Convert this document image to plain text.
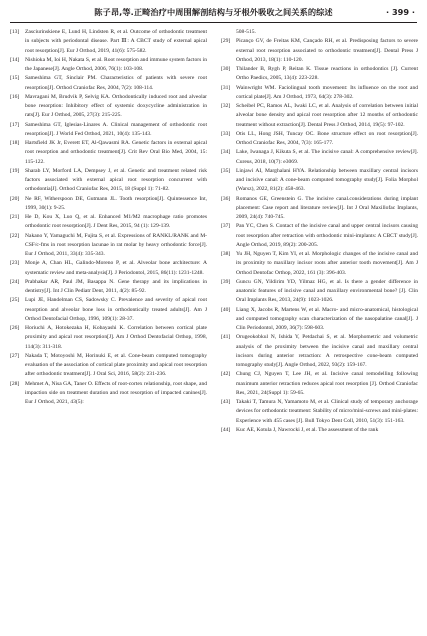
陈子昂,等.正畸治疗中周围解剖结构与牙根外吸收之间关系的综述	· 399 ·

[13] Zasciurinskiene E, Lund H, Lindsten R, et al. Outcome of orthodontic treatment in subjects with periodontal disease. Part Ⅲ: A CBCT study of external apical root resorption[J]. Eur J Orthod, 2019, 41(6): 575-582.

[14] Nishioka M, Ioi H, Nakata S, et al. Root resorption and immune system factors in the Japanese[J]. Angle Orthod, 2006, 76(1): 103-108.

[15] Sameshima GT, Sinclair PM. Characteristics of patients with severe root resorption[J]. Orthod Craniofac Res, 2004, 7(2): 108-114.

[16] Mavragani M, Brudvik P, Selvig KA. Orthodontically induced root and alveolar bone resorption: Inhibitory effect of systemic doxycycline administration in rats[J]. Eur J Orthod, 2005, 27(3): 215-225.

[17] Sameshima GT, Iglesias-Linares A. Clinical management of orthodontic root resorption[J]. J World Fed Orthod, 2021, 10(4): 135-143.

[18] Hartsfield JK Jr, Everett ET, Al-Qawasmi RA. Genetic factors in external apical root resorption and orthodontic treatment[J]. Crit Rev Oral Bio Med, 2004, 15: 115-122.

[19] Sharab LY, Morford LA, Dempsey J, et al. Genetic and treatment related risk factors associated with external apical root resorption concurrent with orthodontia[J]. Orthod Craniofac Res, 2015, 18 (Suppl 1): 71-82.

[20] Ne RF, Witherspoon DE, Gutmann JL. Tooth resorption[J]. Quintessence Int, 1999, 30(1): 9-25.

[21] He D, Kou X, Luo Q, et al. Enhanced M1/M2 macrophage ratio promotes orthodontic root resorption[J]. J Dent Res, 2015, 94 (1): 129-139.

[22] Nakano Y, Yamaguchi M, Fujita S, et al. Expressions of RANKL/RANK and M-CSF/c-fms in root resorption lacunae in rat molar by heavy orthodontic force[J]. Eur J Orthod, 2011, 33(4): 335-343.

[23] Monje A, Chan HL, Galindo-Moreno P, et al. Alveolar bone architecture: A systematic review and meta-analysis[J]. J Periodontol, 2015, 86(11): 1231-1248.

[24] Prabhakar AR, Paul JM, Basappa N. Gene therapy and its implications in dentistry[J]. Int J Clin Pediatr Dent, 2011, 4(2): 85-92.

[25] Lupi JE, Handelman CS, Sadowsky C. Prevalence and severity of apical root resorption and alveolar bone loss in orthodontically treated adults[J]. Am J Orthod Dentofacial Orthop, 1996, 109(1): 28-37.

[26] Horiuchi A, Hotokezaka H, Kobayashi K. Correlation between cortical plate proximity and apical root resorption[J]. Am J Orthod Dentofacial Orthop, 1998, 114(3): 311-318.

[27] Nakada T, Motoyoshi M, Horinuki E, et al. Cone-beam computed tomography evaluation of the association of cortical plate proximity and apical root resorption after orthodontic treatment[J]. J Oral Sci, 2016, 58(2): 231-236.

[28] Mehmet A, Nisa GA, Taner O. Effects of root-cortex relationship, root shape, and impaction side on treatment duration and root resorption of impacted canines[J]. Eur J Orthod, 2021, 43(5):

508-515.

[29] Picanço GV, de Freitas KM, Cançado RH, et al. Predisposing factors to severe external root resorption associated to orthodontic treatment[J]. Dental Press J Orthod, 2013, 18(1): 110-120.

[30] Thilander B, Rygh P, Reitan K. Tissue reactions in orthodontics [J]. Current Ortho Paedics, 2005, 13(4): 223-228.

[31] Wainwright WM. Faciolingual tooth movement: Its influence on the root and cortical plate[J]. Am J Orthod, 1973, 64(3): 278-302.

[32] Scheibel PC, Ramos AL, Iwaki LC, et al. Analysis of correlation between initial alveolar bone density and apical root resorption after 12 months of orthodontic treatment without extraction[J]. Dental Press J Orthod, 2014, 19(5): 97-102.

[33] Otis LL, Hong JSH, Tuncay OC. Bone structure effect on root resorption[J]. Orthod Craniofac Res, 2004, 7(3): 165-177.

[34] Lake, Iwanaga J, Kikuta S, et al. The incisive canal: A comprehensive review[J]. Cureus, 2018, 10(7): e3069.

[35] Linjawi AI, Marghalani HYA. Relationship between maxillary central incisors and incisive canal: A cone-beam computed tomography study[J]. Folia Morphol (Warsz), 2022, 81(2): 458-463.

[36] Romanos GE, Greenstein G. The incisive canal.considerations during implant placement: Case report and literature review[J]. Int J Oral Maxillofac Implants, 2009, 24(4): 740-745.

[37] Pan YC, Chen S. Contact of the incisive canal and upper central incisors causing root resorption after retraction with orthodontic mini-implants: A CBCT study[J]. Angle Orthod, 2019, 89(2): 200-205.

[38] Yu JH, Nguyen T, Kim YI, et al. Morphologic changes of the incisive canal and its proximity to maxillary incisor roots after anterior tooth movement[J]. Am J Orthod Dentofac Orthop, 2022, 161 (3): 396-403.

[39] Guncu GN, Yildirim YD, Yilmaz HG, et al. Is there a gender difference in anatomic features of incisive canal and maxillary environmental bone? [J]. Clin Oral Implants Res, 2013, 24(9): 1023-1026.

[40] Liang X, Jacobs R, Martens W, et al. Macro- and micro-anatomical, histological and computed tomography scan characterization of the nasopalatine canal[J]. J Clin Periodontol, 2009, 36(7): 598-603.

[41] Orugeokobkul N, Ishida Y, Petdachai S, et al. Morphometric and volumetric analysis of the proximity between the incisive canal and maxillary central incisors during anterior retraction: A retrospective cone-beam computed tomography study[J]. Angle Orthod, 2022, 93(2): 159-167.

[42] Chung CJ, Nguyen T, Lee JH, et al. Incisive canal remodelling following maximum anterior retraction reduces apical root resorption [J]. Orthod Craniofac Res, 2021, 24(Suppl 1): 59-65.

[43] Takaki T, Tamura N, Yamamoto M, et al. Clinical study of temporary anchorage devices for orthodontic treatment: Stability of micro/mini-screws and mini-plates: Experience with 455 cases [J]. Bull Tokyo Dent Coll, 2010, 51(3): 151-163.

[44] Kuc AE, Kotula J, Nawrocki J, et al. The assessment of the rank
